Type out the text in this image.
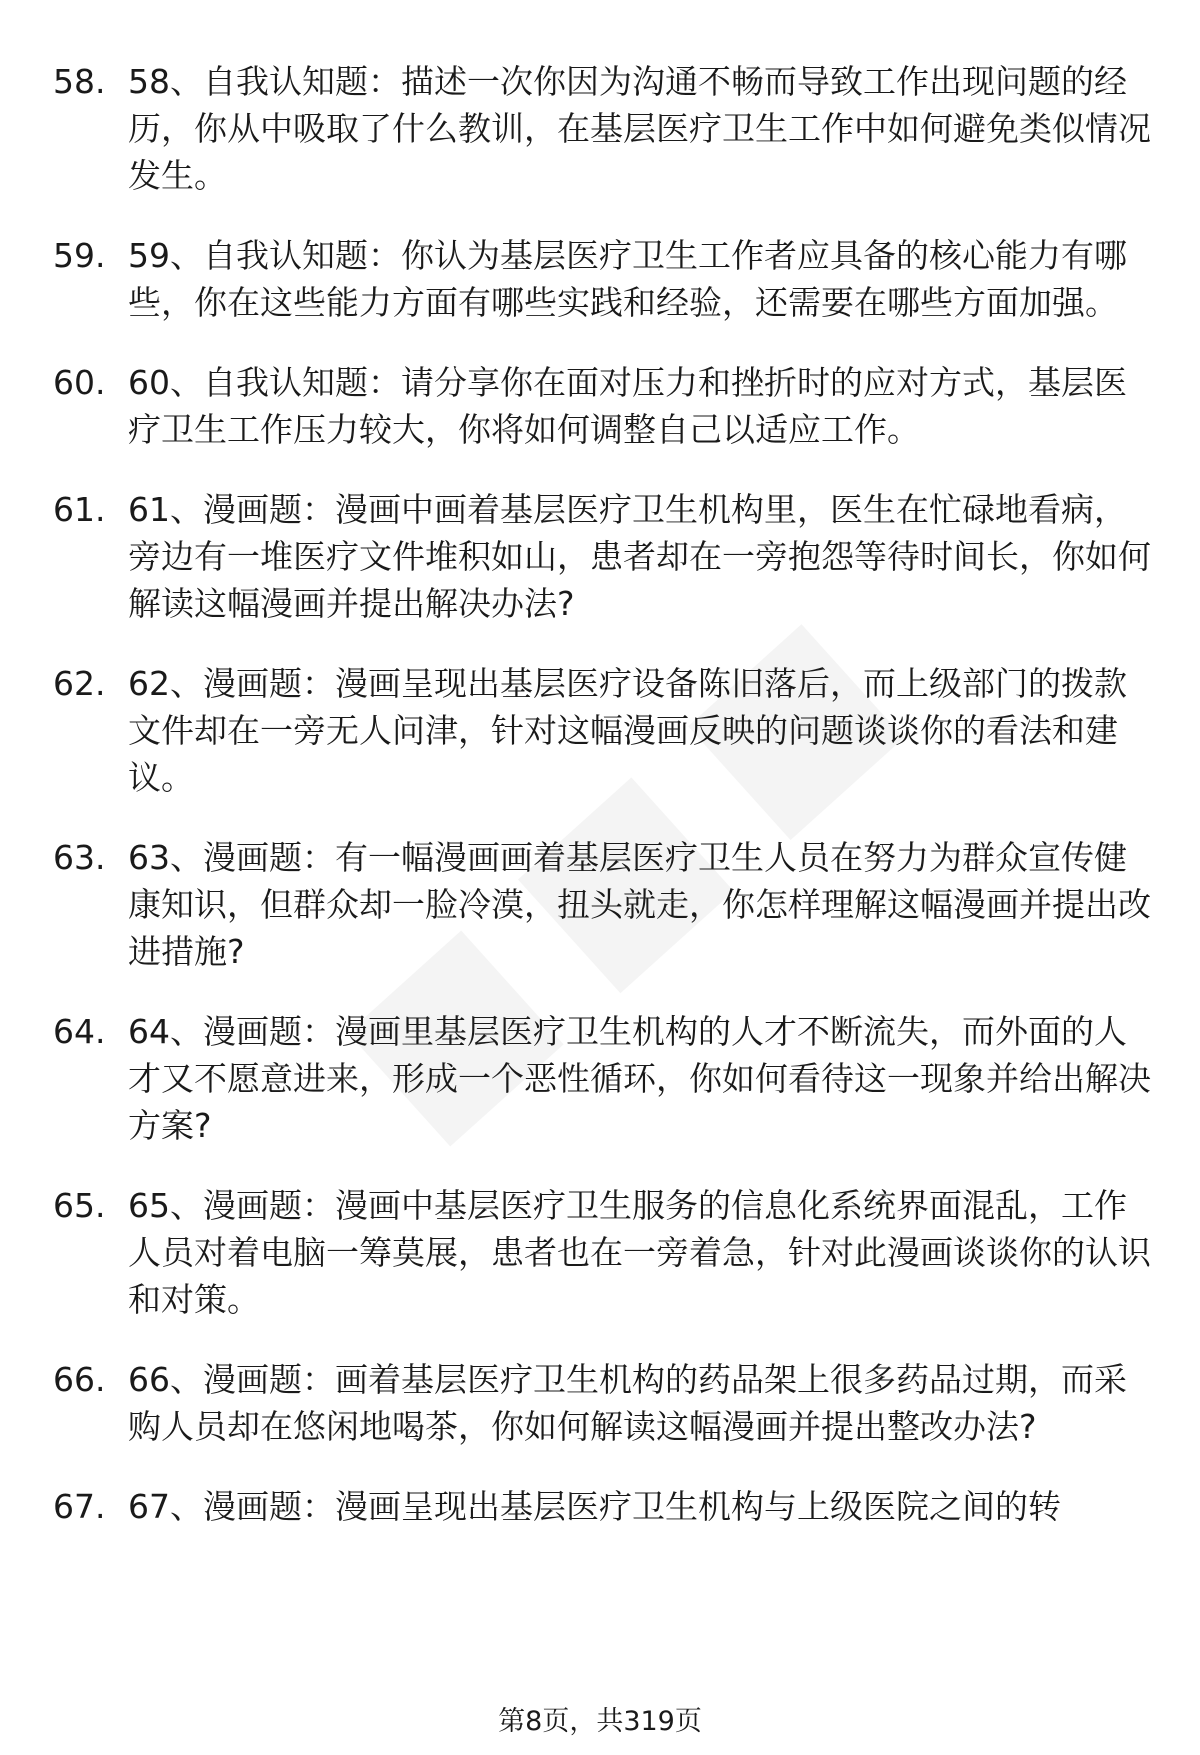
58. 58、自我认知题：描述一次你因为沟通不畅而导致工作出现问题的经历，你从中吸取了什么教训，在基层医疗卫生工作中如何避免类似情况发生。
59. 59、自我认知题：你认为基层医疗卫生工作者应具备的核心能力有哪些，你在这些能力方面有哪些实践和经验，还需要在哪些方面加强。
60. 60、自我认知题：请分享你在面对压力和挫折时的应对方式，基层医疗卫生工作压力较大，你将如何调整自己以适应工作。
61. 61、漫画题：漫画中画着基层医疗卫生机构里，医生在忙碌地看病，旁边有一堆医疗文件堆积如山，患者却在一旁抱怨等待时间长，你如何解读这幅漫画并提出解决办法?
62. 62、漫画题：漫画呈现出基层医疗设备陈旧落后，而上级部门的拨款文件却在一旁无人问津，针对这幅漫画反映的问题谈谈你的看法和建议。
63. 63、漫画题：有一幅漫画画着基层医疗卫生人员在努力为群众宣传健康知识，但群众却一脸冷漠，扭头就走，你怎样理解这幅漫画并提出改进措施?
64. 64、漫画题：漫画里基层医疗卫生机构的人才不断流失，而外面的人才又不愿意进来，形成一个恶性循环，你如何看待这一现象并给出解决方案?
65. 65、漫画题：漫画中基层医疗卫生服务的信息化系统界面混乱，工作人员对着电脑一筹莫展，患者也在一旁着急，针对此漫画谈谈你的认识和对策。
66. 66、漫画题：画着基层医疗卫生机构的药品架上很多药品过期，而采购人员却在悠闲地喝茶，你如何解读这幅漫画并提出整改办法?
67. 67、漫画题：漫画呈现出基层医疗卫生机构与上级医院之间的转
第8页，共319页
